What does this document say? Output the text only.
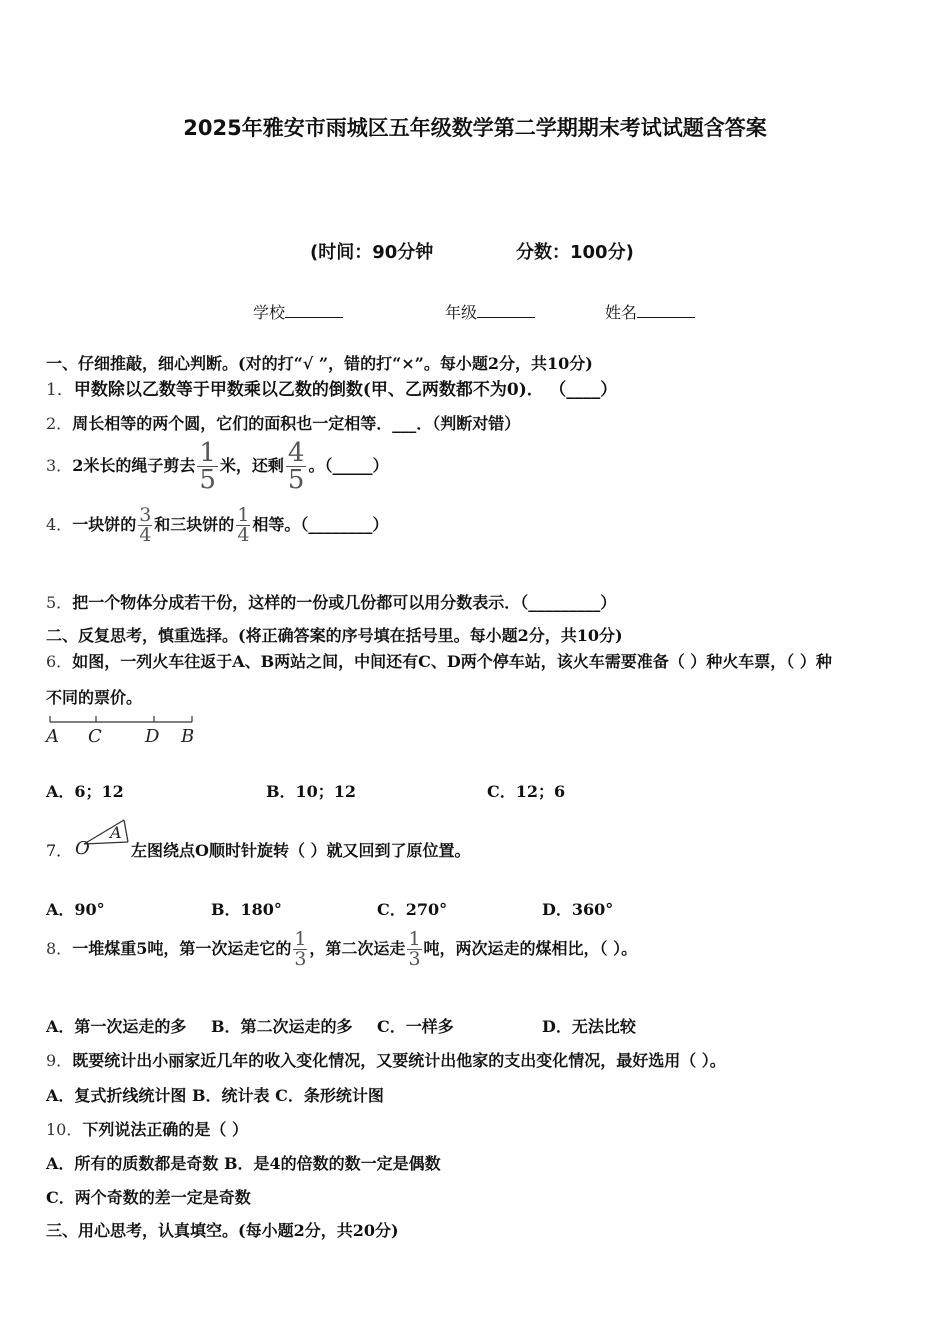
2025年雅安市雨城区五年级数学第二学期期末考试试题含答案
(时间：90分钟	分数：100分)
学校	年级	姓名
一、仔细推敲，细心判断。(对的打“√ ”，错的打“×”。每小题2分，共10分)
1．甲数除以乙数等于甲数乘以乙数的倒数(甲、乙两数都不为0)． （____）
2．周长相等的两个圆，它们的面积也一定相等．___．（判断对错）
3．2米长的绳子剪去 $\frac{1}{5}$ 米，还剩 $\frac{4}{5}$ 。（_____）
4．一块饼的 $\frac{3}{4}$ 和三块饼的 $\frac{1}{4}$ 相等。（________）
5．把一个物体分成若干份，这样的一份或几份都可以用分数表示．（_________）
二、反复思考，慎重选择。(将正确答案的序号填在括号里。每小题2分，共10分)
6．如图，一列火车往返于A、B两站之间，中间还有C、D两个停车站，该火车需要准备（ ）种火车票，（ ）种
不同的票价。
A C D B
A．6；12	B．10；12	C．12；6
7． O
A
左图绕点O顺时针旋转（ ）就又回到了原位置。
A．90°	B．180°	C．270°	D．360°
8．一堆煤重5吨，第一次运走它的 $\frac{1}{3}$ ，第二次运走 $\frac{1}{3}$ 吨，两次运走的煤相比，（ ）。
A．第一次运走的多 B．第二次运走的多 C．一样多	D．无法比较
9．既要统计出小丽家近几年的收入变化情况，又要统计出他家的支出变化情况，最好选用（ ）。
A．复式折线统计图 B．统计表 C．条形统计图
10．下列说法正确的是（ ）
A．所有的质数都是奇数 B．是4的倍数的数一定是偶数
C．两个奇数的差一定是奇数
三、用心思考，认真填空。(每小题2分，共20分)
